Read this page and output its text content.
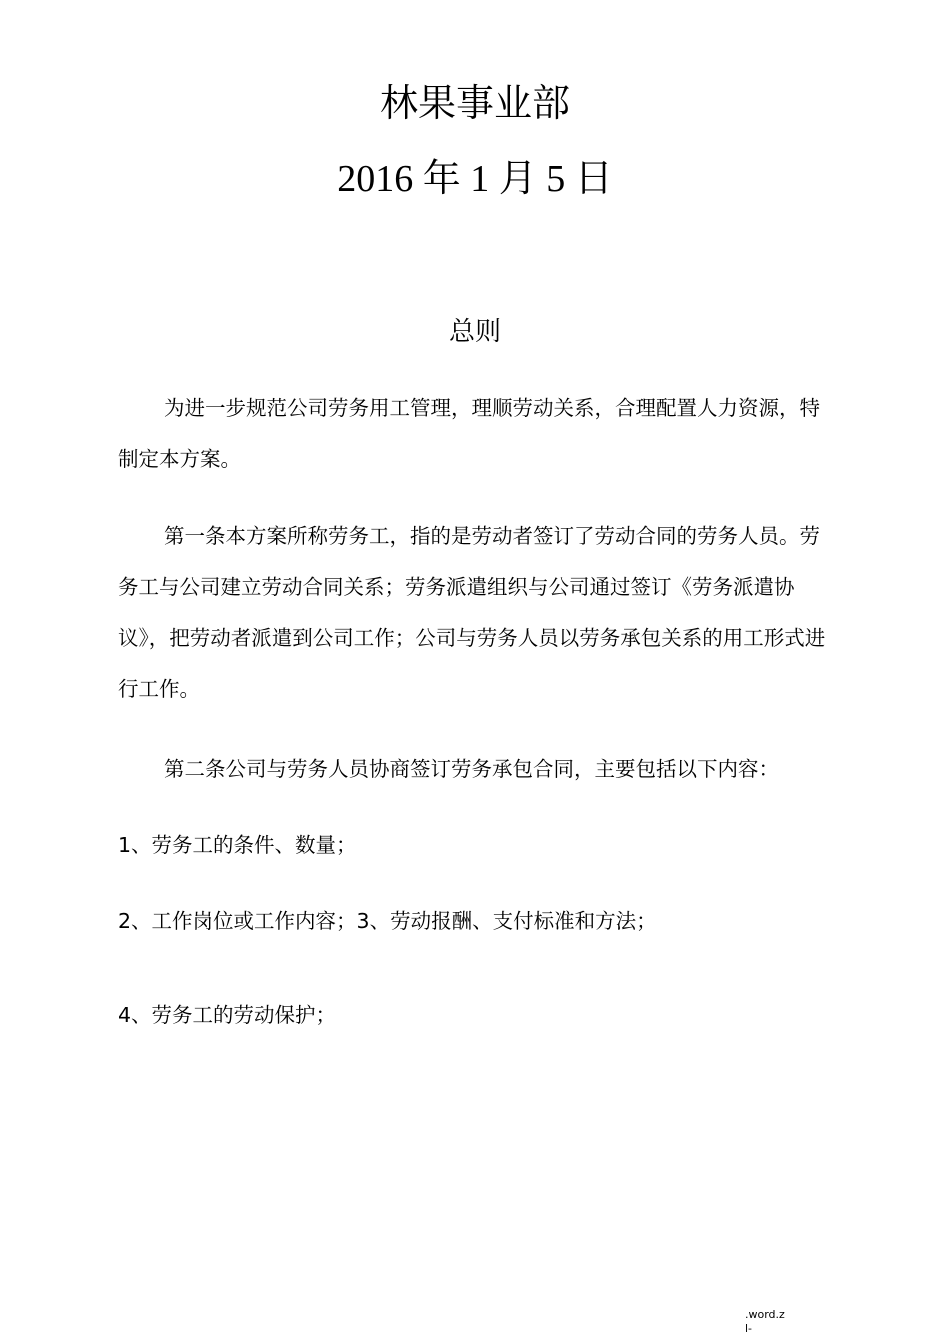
林果事业部
2016 年 1 月 5 日
总则
为进一步规范公司劳务用工管理，理顺劳动关系，合理配置人力资源，特制定本方案。
第一条本方案所称劳务工，指的是劳动者签订了劳动合同的劳务人员。劳务工与公司建立劳动合同关系；劳务派遣组织与公司通过签订《劳务派遣协议》，把劳动者派遣到公司工作；公司与劳务人员以劳务承包关系的用工形式进行工作。
第二条公司与劳务人员协商签订劳务承包合同，主要包括以下内容：
1、劳务工的条件、数量；
2、工作岗位或工作内容；3、劳动报酬、支付标准和方法；
4、劳务工的劳动保护；
.word.z
l-
